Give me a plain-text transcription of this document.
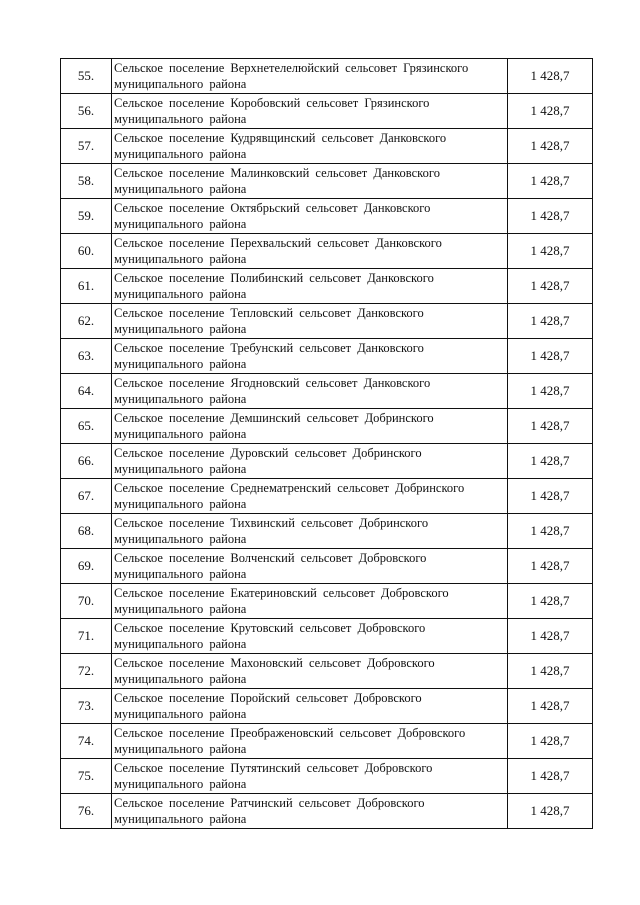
55.	Сельское поселение Верхнетелелюйский сельсовет Грязинского муниципального района	1 428,7
56.	Сельское поселение Коробовский сельсовет Грязинского муниципального района	1 428,7
57.	Сельское поселение Кудрявщинский сельсовет Данковского муниципального района	1 428,7
58.	Сельское поселение Малинковский сельсовет Данковского муниципального района	1 428,7
59.	Сельское поселение Октябрьский сельсовет Данковского муниципального района	1 428,7
60.	Сельское поселение Перехвальский сельсовет Данковского муниципального района	1 428,7
61.	Сельское поселение Полибинский сельсовет Данковского муниципального района	1 428,7
62.	Сельское поселение Тепловский сельсовет Данковского муниципального района	1 428,7
63.	Сельское поселение Требунский сельсовет Данковского муниципального района	1 428,7
64.	Сельское поселение Ягодновский сельсовет Данковского муниципального района	1 428,7
65.	Сельское поселение Демшинский сельсовет Добринского муниципального района	1 428,7
66.	Сельское поселение Дуровский сельсовет Добринского муниципального района	1 428,7
67.	Сельское поселение Среднематренский сельсовет Добринского муниципального района	1 428,7
68.	Сельское поселение Тихвинский сельсовет Добринского муниципального района	1 428,7
69.	Сельское поселение Волченский сельсовет Добровского муниципального района	1 428,7
70.	Сельское поселение Екатериновский сельсовет Добровского муниципального района	1 428,7
71.	Сельское поселение Крутовский сельсовет Добровского муниципального района	1 428,7
72.	Сельское поселение Махоновский сельсовет Добровского муниципального района	1 428,7
73.	Сельское поселение Поройский сельсовет Добровского муниципального района	1 428,7
74.	Сельское поселение Преображеновский сельсовет Добровского муниципального района	1 428,7
75.	Сельское поселение Путятинский сельсовет Добровского муниципального района	1 428,7
76.	Сельское поселение Ратчинский сельсовет Добровского муниципального района	1 428,7
